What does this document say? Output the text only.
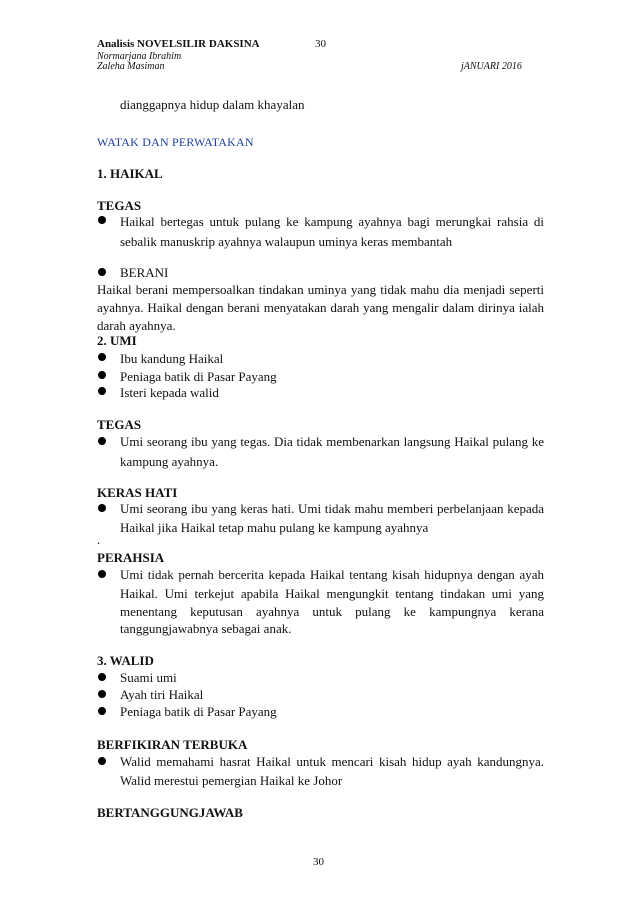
Analisis NOVELSILIR DAKSINA	30
Normarjana Ibrahim
Zaleha Masiman	jANUARI 2016
dianggapnya hidup dalam khayalan
WATAK DAN PERWATAKAN
1. HAIKAL
TEGAS
Haikal bertegas untuk pulang ke kampung ayahnya bagi merungkai rahsia di
sebalik manuskrip ayahnya walaupun uminya keras membantah
BERANI
Haikal berani mempersoalkan tindakan uminya yang tidak mahu dia menjadi seperti
ayahnya. Haikal dengan berani menyatakan darah yang mengalir dalam dirinya ialah
darah ayahnya.
2. UMI
Ibu kandung Haikal
Peniaga batik di Pasar Payang
Isteri kepada walid
TEGAS
Umi seorang ibu yang tegas. Dia tidak membenarkan langsung Haikal pulang ke
kampung ayahnya.
KERAS HATI
Umi seorang ibu yang keras hati. Umi tidak mahu memberi perbelanjaan kepada
Haikal jika Haikal tetap mahu pulang ke kampung ayahnya
.
PERAHSIA
Umi tidak pernah bercerita kepada Haikal tentang kisah hidupnya dengan ayah
Haikal. Umi terkejut apabila Haikal mengungkit tentang tindakan umi yang
menentang keputusan ayahnya untuk pulang ke kampungnya kerana
tanggungjawabnya sebagai anak.
3. WALID
Suami umi
Ayah tiri Haikal
Peniaga batik di Pasar Payang
BERFIKIRAN TERBUKA
Walid memahami hasrat Haikal untuk mencari kisah hidup ayah kandungnya.
Walid merestui pemergian Haikal ke Johor
BERTANGGUNGJAWAB
30
